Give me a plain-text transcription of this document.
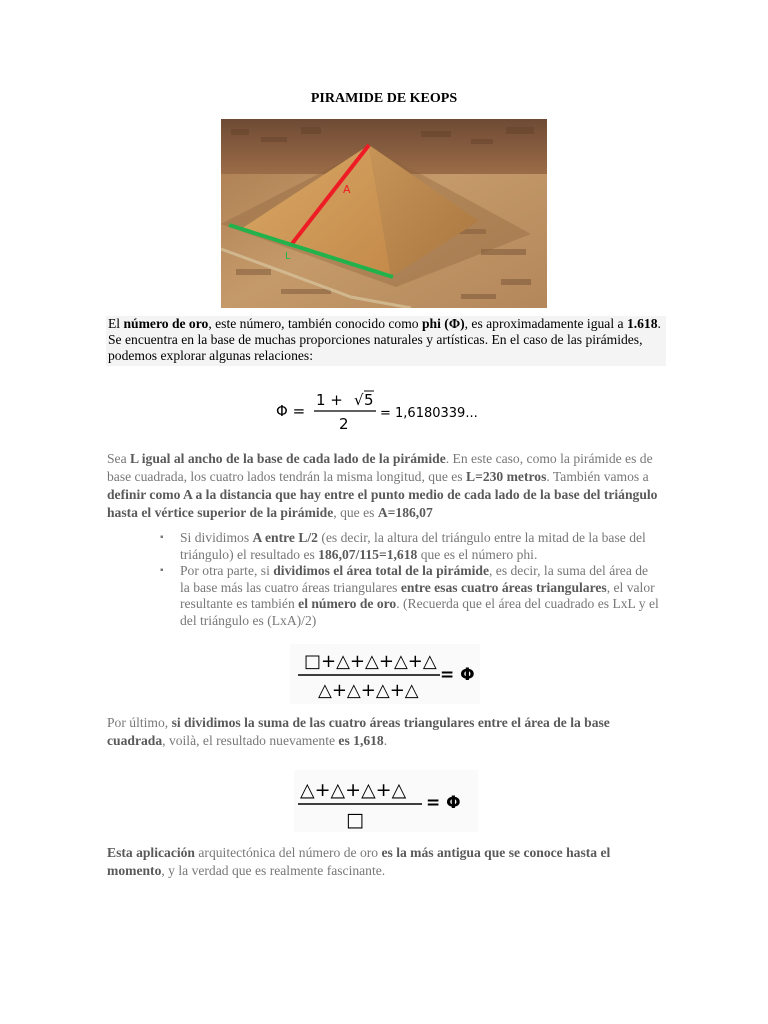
PIRAMIDE DE KEOPS
A
L
El número de oro, este número, también conocido como phi (Φ), es aproximadamente igual a 1.618. Se encuentra en la base de muchas proporciones naturales y artísticas. En el caso de las pirámides, podemos explorar algunas relaciones:
Φ =
1 + √ 5
2
= 1,6180339...

Sea L igual al ancho de la base de cada lado de la pirámide. En este caso, como la pirámide es de base cuadrada, los cuatro lados tendrán la misma longitud, que es L=230 metros. También vamos a definir como A a la distancia que hay entre el punto medio de cada lado de la base del triángulo hasta el vértice superior de la pirámide, que es A=186,07

▪ Si dividimos A entre L/2 (es decir, la altura del triángulo entre la mitad de la base del triángulo) el resultado es 186,07/115=1,618 que es el número phi.
▪ Por otra parte, si dividimos el área total de la pirámide, es decir, la suma del área de la base más las cuatro áreas triangulares entre esas cuatro áreas triangulares, el valor resultante es también el número de oro. (Recuerda que el área del cuadrado es LxL y el del triángulo es (LxA)/2)
□+△+△+△+△
△+△+△+△
= Φ

Por último, si dividimos la suma de las cuatro áreas triangulares entre el área de la base cuadrada, voilà, el resultado nuevamente es 1,618.

△+△+△+△
□
= Φ

Esta aplicación arquitectónica del número de oro es la más antigua que se conoce hasta el momento, y la verdad que es realmente fascinante.
